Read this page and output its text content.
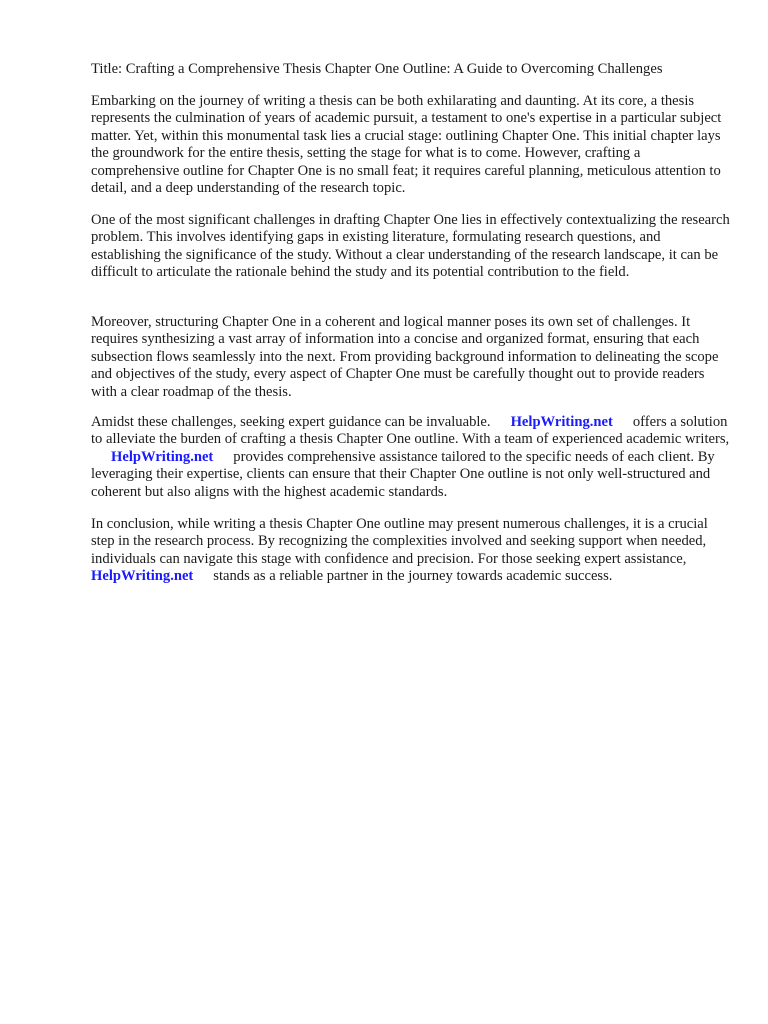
Title: Crafting a Comprehensive Thesis Chapter One Outline: A Guide to Overcoming Challenges
Embarking on the journey of writing a thesis can be both exhilarating and daunting. At its core, a thesis represents the culmination of years of academic pursuit, a testament to one's expertise in a particular subject matter. Yet, within this monumental task lies a crucial stage: outlining Chapter One. This initial chapter lays the groundwork for the entire thesis, setting the stage for what is to come. However, crafting a comprehensive outline for Chapter One is no small feat; it requires careful planning, meticulous attention to detail, and a deep understanding of the research topic.
One of the most significant challenges in drafting Chapter One lies in effectively contextualizing the research problem. This involves identifying gaps in existing literature, formulating research questions, and establishing the significance of the study. Without a clear understanding of the research landscape, it can be difficult to articulate the rationale behind the study and its potential contribution to the field.
Moreover, structuring Chapter One in a coherent and logical manner poses its own set of challenges. It requires synthesizing a vast array of information into a concise and organized format, ensuring that each subsection flows seamlessly into the next. From providing background information to delineating the scope and objectives of the study, every aspect of Chapter One must be carefully thought out to provide readers with a clear roadmap of the thesis.
Amidst these challenges, seeking expert guidance can be invaluable. HelpWriting.net offers a solution to alleviate the burden of crafting a thesis Chapter One outline. With a team of experienced academic writers,HelpWriting.net provides comprehensive assistance tailored to the specific needs of each client. By leveraging their expertise, clients can ensure that their Chapter One outline is not only well-structured and coherent but also aligns with the highest academic standards.
In conclusion, while writing a thesis Chapter One outline may present numerous challenges, it is a crucial step in the research process. By recognizing the complexities involved and seeking support when needed, individuals can navigate this stage with confidence and precision. For those seeking expert assistance,HelpWriting.net stands as a reliable partner in the journey towards academic success.
